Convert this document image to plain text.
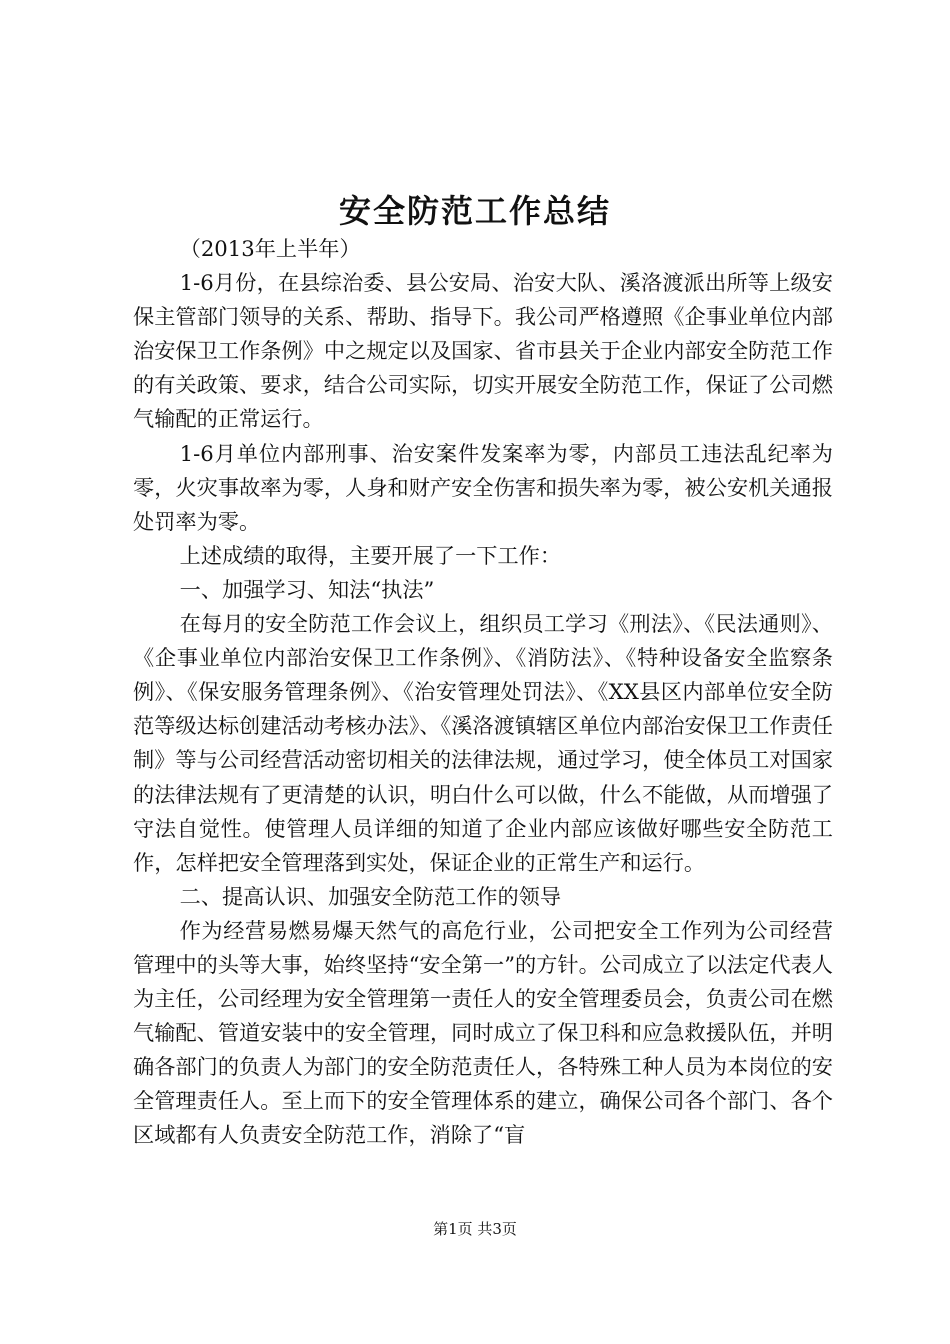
安全防范工作总结

（2013年上半年）

1-6月份，在县综治委、县公安局、治安大队、溪洛渡派出所等上级安保主管部门领导的关系、帮助、指导下。我公司严格遵照《企事业单位内部治安保卫工作条例》中之规定以及国家、省市县关于企业内部安全防范工作的有关政策、要求，结合公司实际，切实开展安全防范工作，保证了公司燃气输配的正常运行。

1-6月单位内部刑事、治安案件发案率为零，内部员工违法乱纪率为零，火灾事故率为零，人身和财产安全伤害和损失率为零，被公安机关通报处罚率为零。

上述成绩的取得，主要开展了一下工作：

一、加强学习、知法“执法”

在每月的安全防范工作会议上，组织员工学习《刑法》、《民法通则》、《企事业单位内部治安保卫工作条例》、《消防法》、《特种设备安全监察条例》、《保安服务管理条例》、《治安管理处罚法》、《XX县区内部单位安全防范等级达标创建活动考核办法》、《溪洛渡镇辖区单位内部治安保卫工作责任制》等与公司经营活动密切相关的法律法规，通过学习，使全体员工对国家的法律法规有了更清楚的认识，明白什么可以做，什么不能做，从而增强了守法自觉性。使管理人员详细的知道了企业内部应该做好哪些安全防范工作，怎样把安全管理落到实处，保证企业的正常生产和运行。

二、提高认识、加强安全防范工作的领导

作为经营易燃易爆天然气的高危行业，公司把安全工作列为公司经营管理中的头等大事，始终坚持“安全第一”的方针。公司成立了以法定代表人为主任，公司经理为安全管理第一责任人的安全管理委员会，负责公司在燃气输配、管道安装中的安全管理，同时成立了保卫科和应急救援队伍，并明确各部门的负责人为部门的安全防范责任人，各特殊工种人员为本岗位的安全管理责任人。至上而下的安全管理体系的建立，确保公司各个部门、各个区域都有人负责安全防范工作，消除了“盲

第1页 共3页
